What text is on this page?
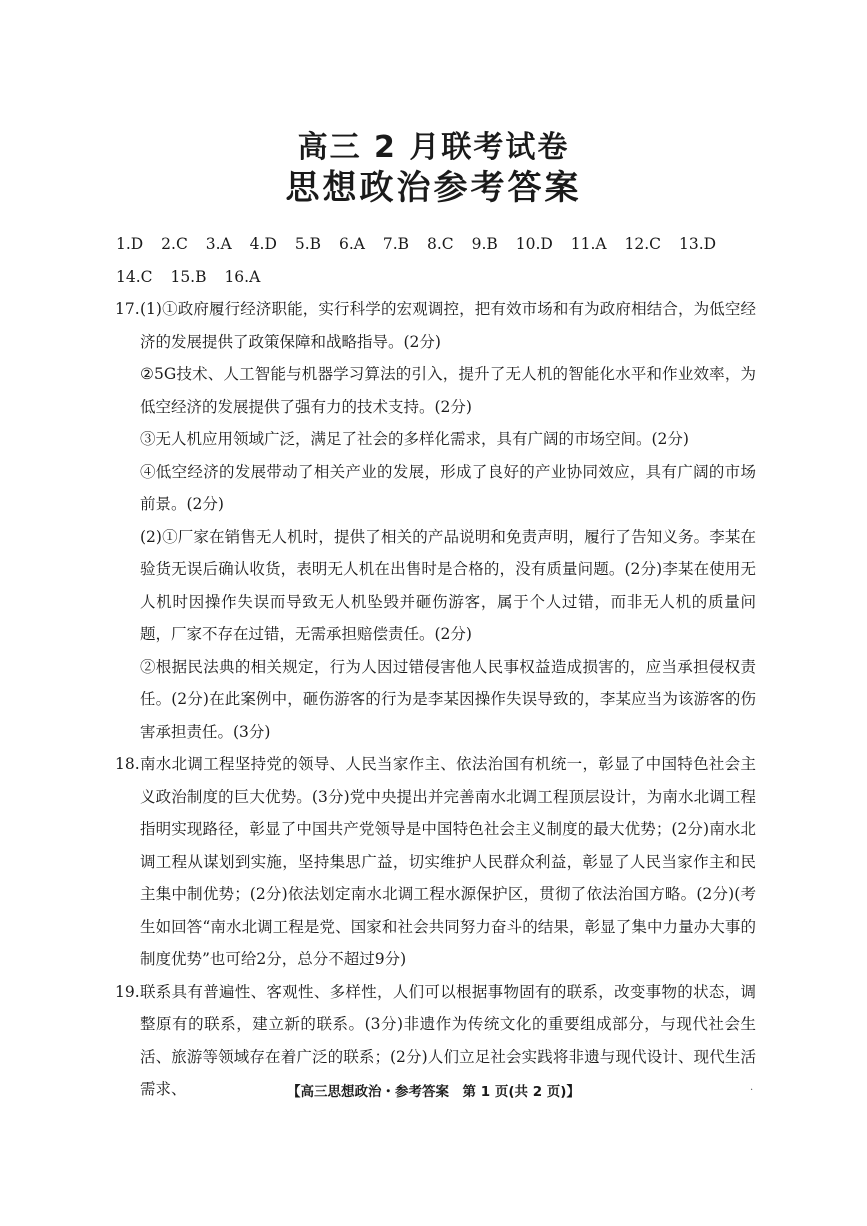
高三 2 月联考试卷
思想政治参考答案
1.D 2.C 3.A 4.D 5.B 6.A 7.B 8.C 9.B 10.D 11.A 12.C 13.D 14.C 15.B 16.A
17. (1)①政府履行经济职能，实行科学的宏观调控，把有效市场和有为政府相结合，为低空经济的发展提供了政策保障和战略指导。(2分)
②5G技术、人工智能与机器学习算法的引入，提升了无人机的智能化水平和作业效率，为低空经济的发展提供了强有力的技术支持。(2分)
③无人机应用领域广泛，满足了社会的多样化需求，具有广阔的市场空间。(2分)
④低空经济的发展带动了相关产业的发展，形成了良好的产业协同效应，具有广阔的市场前景。(2分)
(2)①厂家在销售无人机时，提供了相关的产品说明和免责声明，履行了告知义务。李某在验货无误后确认收货，表明无人机在出售时是合格的，没有质量问题。(2分)李某在使用无人机时因操作失误而导致无人机坠毁并砸伤游客，属于个人过错，而非无人机的质量问题，厂家不存在过错，无需承担赔偿责任。(2分)
②根据民法典的相关规定，行为人因过错侵害他人民事权益造成损害的，应当承担侵权责任。(2分)在此案例中，砸伤游客的行为是李某因操作失误导致的，李某应当为该游客的伤害承担责任。(3分)
18. 南水北调工程坚持党的领导、人民当家作主、依法治国有机统一，彰显了中国特色社会主义政治制度的巨大优势。(3分)党中央提出并完善南水北调工程顶层设计，为南水北调工程指明实现路径，彰显了中国共产党领导是中国特色社会主义制度的最大优势；(2分)南水北调工程从谋划到实施，坚持集思广益，切实维护人民群众利益，彰显了人民当家作主和民主集中制优势；(2分)依法划定南水北调工程水源保护区，贯彻了依法治国方略。(2分)(考生如回答“南水北调工程是党、国家和社会共同努力奋斗的结果，彰显了集中力量办大事的制度优势”也可给2分，总分不超过9分)
19. 联系具有普遍性、客观性、多样性，人们可以根据事物固有的联系，改变事物的状态，调整原有的联系，建立新的联系。(3分)非遗作为传统文化的重要组成部分，与现代社会生活、旅游等领域存在着广泛的联系；(2分)人们立足社会实践将非遗与现代设计、现代生活需求、	【高三思想政治・参考答案　第 1 页(共 2 页)】	.
